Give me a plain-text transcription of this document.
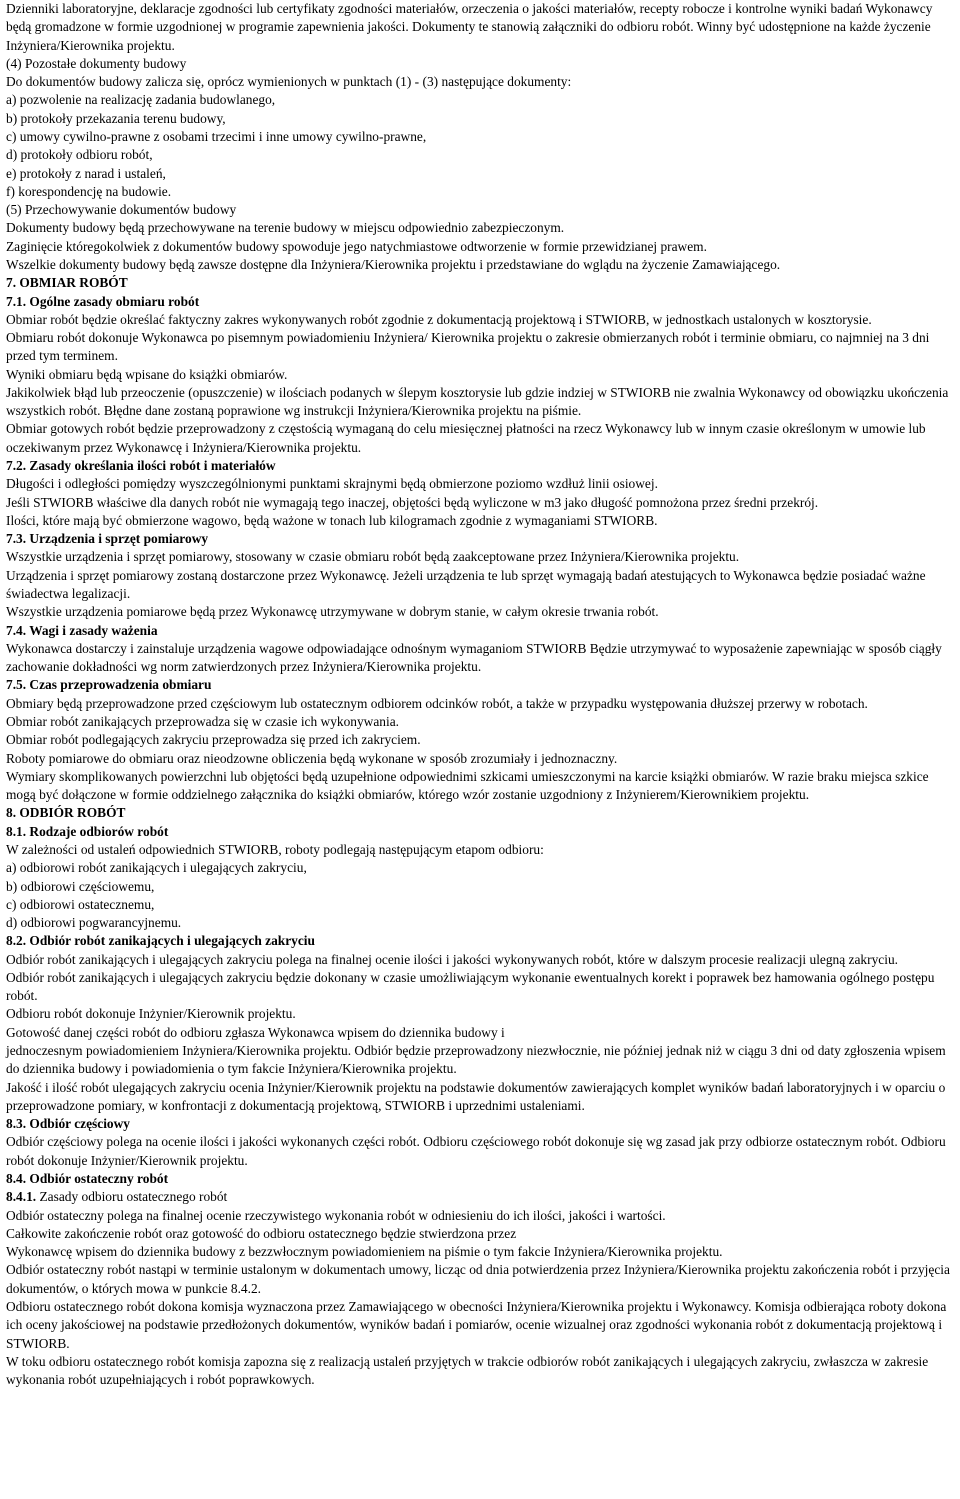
Dzienniki laboratoryjne, deklaracje zgodności lub certyfikaty zgodności materiałów, orzeczenia o jakości materiałów, recepty robocze i kontrolne wyniki badań Wykonawcy będą gromadzone w formie uzgodnionej w programie zapewnienia jakości. Dokumenty te stanowią załączniki do odbioru robót. Winny być udostępnione na każde życzenie Inżyniera/Kierownika projektu.
(4) Pozostałe dokumenty budowy
Do dokumentów budowy zalicza się, oprócz wymienionych w punktach (1) - (3) następujące dokumenty:
a) pozwolenie na realizację zadania budowlanego,
b) protokoły przekazania terenu budowy,
c) umowy cywilno-prawne z osobami trzecimi i inne umowy cywilno-prawne,
d) protokoły odbioru robót,
e) protokoły z narad i ustaleń,
f) korespondencję na budowie.
(5) Przechowywanie dokumentów budowy
Dokumenty budowy będą przechowywane na terenie budowy w miejscu odpowiednio zabezpieczonym.
Zaginięcie któregokolwiek z dokumentów budowy spowoduje jego natychmiastowe odtworzenie w formie przewidzianej prawem.
Wszelkie dokumenty budowy będą zawsze dostępne dla Inżyniera/Kierownika projektu i przedstawiane do wglądu na życzenie Zamawiającego.
7. OBMIAR ROBÓT
7.1. Ogólne zasady obmiaru robót
Obmiar robót będzie określać faktyczny zakres wykonywanych robót zgodnie z dokumentacją projektową i STWIORB, w jednostkach ustalonych w kosztorysie.
Obmiaru robót dokonuje Wykonawca po pisemnym powiadomieniu Inżyniera/ Kierownika projektu o zakresie obmierzanych robót i terminie obmiaru, co najmniej na 3 dni przed tym terminem.
Wyniki obmiaru będą wpisane do książki obmiarów.
Jakikolwiek błąd lub przeoczenie (opuszczenie) w ilościach podanych w ślepym kosztorysie lub gdzie indziej w STWIORB nie zwalnia Wykonawcy od obowiązku ukończenia wszystkich robót. Błędne dane zostaną poprawione wg instrukcji Inżyniera/Kierownika projektu na piśmie.
Obmiar gotowych robót będzie przeprowadzony z częstością wymaganą do celu miesięcznej płatności na rzecz Wykonawcy lub w innym czasie określonym w umowie lub oczekiwanym przez Wykonawcę i Inżyniera/Kierownika projektu.
7.2. Zasady określania ilości robót i materiałów
Długości i odległości pomiędzy wyszczególnionymi punktami skrajnymi będą obmierzone poziomo wzdłuż linii osiowej.
Jeśli STWIORB właściwe dla danych robót nie wymagają tego inaczej, objętości będą wyliczone w m3 jako długość pomnożona przez średni przekrój.
Ilości, które mają być obmierzone wagowo, będą ważone w tonach lub kilogramach zgodnie z wymaganiami STWIORB.
7.3. Urządzenia i sprzęt pomiarowy
Wszystkie urządzenia i sprzęt pomiarowy, stosowany w czasie obmiaru robót będą zaakceptowane przez Inżyniera/Kierownika projektu.
Urządzenia i sprzęt pomiarowy zostaną dostarczone przez Wykonawcę. Jeżeli urządzenia te lub sprzęt wymagają badań atestujących to Wykonawca będzie posiadać ważne świadectwa legalizacji.
Wszystkie urządzenia pomiarowe będą przez Wykonawcę utrzymywane w dobrym stanie, w całym okresie trwania robót.
7.4. Wagi i zasady ważenia
Wykonawca dostarczy i zainstaluje urządzenia wagowe odpowiadające odnośnym wymaganiom STWIORB Będzie utrzymywać to wyposażenie zapewniając w sposób ciągły zachowanie dokładności wg norm zatwierdzonych przez Inżyniera/Kierownika projektu.
7.5. Czas przeprowadzenia obmiaru
Obmiary będą przeprowadzone przed częściowym lub ostatecznym odbiorem odcinków robót, a także w przypadku występowania dłuższej przerwy w robotach.
Obmiar robót zanikających przeprowadza się w czasie ich wykonywania.
Obmiar robót podlegających zakryciu przeprowadza się przed ich zakryciem.
Roboty pomiarowe do obmiaru oraz nieodzowne obliczenia będą wykonane w sposób zrozumiały i jednoznaczny.
Wymiary skomplikowanych powierzchni lub objętości będą uzupełnione odpowiednimi szkicami umieszczonymi na karcie książki obmiarów. W razie braku miejsca szkice mogą być dołączone w formie oddzielnego załącznika do książki obmiarów, którego wzór zostanie uzgodniony z Inżynierem/Kierownikiem projektu.
8. ODBIÓR ROBÓT
8.1. Rodzaje odbiorów robót
W zależności od ustaleń odpowiednich STWIORB, roboty podlegają następującym etapom odbioru:
a) odbiorowi robót zanikających i ulegających zakryciu,
b) odbiorowi częściowemu,
c) odbiorowi ostatecznemu,
d) odbiorowi pogwarancyjnemu.
8.2. Odbiór robót zanikających i ulegających zakryciu
Odbiór robót zanikających i ulegających zakryciu polega na finalnej ocenie ilości i jakości wykonywanych robót, które w dalszym procesie realizacji ulegną zakryciu.
Odbiór robót zanikających i ulegających zakryciu będzie dokonany w czasie umożliwiającym wykonanie ewentualnych korekt i poprawek bez hamowania ogólnego postępu robót.
Odbioru robót dokonuje Inżynier/Kierownik projektu.
Gotowość danej części robót do odbioru zgłasza Wykonawca wpisem do dziennika budowy i
jednoczesnym powiadomieniem Inżyniera/Kierownika projektu. Odbiór będzie przeprowadzony niezwłocznie, nie później jednak niż w ciągu 3 dni od daty zgłoszenia wpisem do dziennika budowy i powiadomienia o tym fakcie Inżyniera/Kierownika projektu.
Jakość i ilość robót ulegających zakryciu ocenia Inżynier/Kierownik projektu na podstawie dokumentów zawierających komplet wyników badań laboratoryjnych i w oparciu o przeprowadzone pomiary, w konfrontacji z dokumentacją projektową, STWIORB i uprzednimi ustaleniami.
8.3. Odbiór częściowy
Odbiór częściowy polega na ocenie ilości i jakości wykonanych części robót. Odbioru częściowego robót dokonuje się wg zasad jak przy odbiorze ostatecznym robót. Odbioru robót dokonuje Inżynier/Kierownik projektu.
8.4. Odbiór ostateczny robót
8.4.1. Zasady odbioru ostatecznego robót
Odbiór ostateczny polega na finalnej ocenie rzeczywistego wykonania robót w odniesieniu do ich ilości, jakości i wartości.
Całkowite zakończenie robót oraz gotowość do odbioru ostatecznego będzie stwierdzona przez
Wykonawcę wpisem do dziennika budowy z bezzwłocznym powiadomieniem na piśmie o tym fakcie Inżyniera/Kierownika projektu.
Odbiór ostateczny robót nastąpi w terminie ustalonym w dokumentach umowy, licząc od dnia potwierdzenia przez Inżyniera/Kierownika projektu zakończenia robót i przyjęcia dokumentów, o których mowa w punkcie 8.4.2.
Odbioru ostatecznego robót dokona komisja wyznaczona przez Zamawiającego w obecności Inżyniera/Kierownika projektu i Wykonawcy. Komisja odbierająca roboty dokona ich oceny jakościowej na podstawie przedłożonych dokumentów, wyników badań i pomiarów, ocenie wizualnej oraz zgodności wykonania robót z dokumentacją projektową i STWIORB.
W toku odbioru ostatecznego robót komisja zapozna się z realizacją ustaleń przyjętych w trakcie odbiorów robót zanikających i ulegających zakryciu, zwłaszcza w zakresie wykonania robót uzupełniających i robót poprawkowych.
